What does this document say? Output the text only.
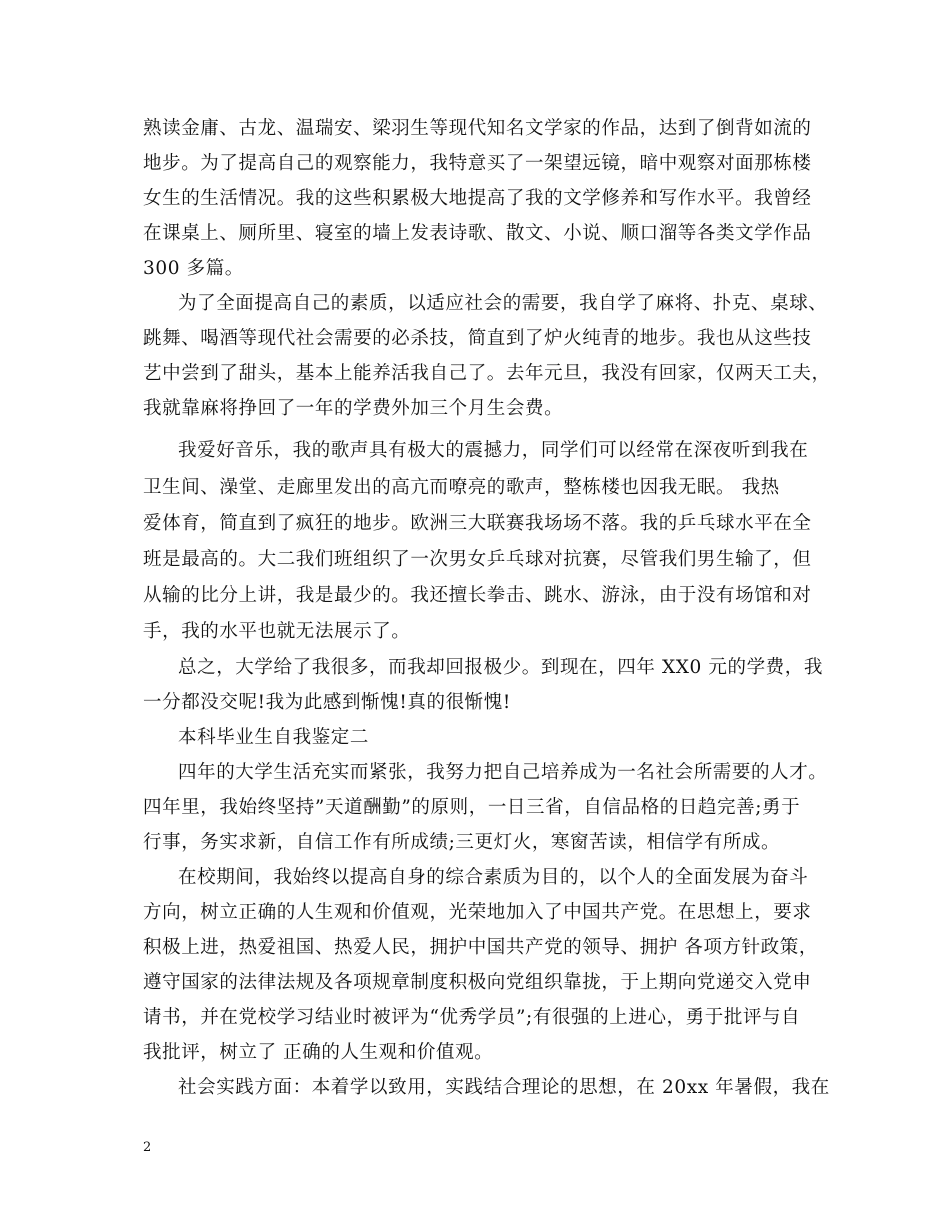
熟读金庸、古龙、温瑞安、梁羽生等现代知名文学家的作品，达到了倒背如流的
地步。为了提高自己的观察能力，我特意买了一架望远镜，暗中观察对面那栋楼
女生的生活情况。我的这些积累极大地提高了我的文学修养和写作水平。我曾经
在课桌上、厕所里、寝室的墙上发表诗歌、散文、小说、顺口溜等各类文学作品
300 多篇。
为了全面提高自己的素质，以适应社会的需要，我自学了麻将、扑克、桌球、
跳舞、喝酒等现代社会需要的必杀技，简直到了炉火纯青的地步。我也从这些技
艺中尝到了甜头，基本上能养活我自己了。去年元旦，我没有回家，仅两天工夫，
我就靠麻将挣回了一年的学费外加三个月生会费。
我爱好音乐，我的歌声具有极大的震撼力，同学们可以经常在深夜听到我在
卫生间、澡堂、走廊里发出的高亢而嘹亮的歌声，整栋楼也因我无眠。 我热
爱体育，简直到了疯狂的地步。欧洲三大联赛我场场不落。我的乒乓球水平在全
班是最高的。大二我们班组织了一次男女乒乓球对抗赛，尽管我们男生输了，但
从输的比分上讲，我是最少的。我还擅长拳击、跳水、游泳，由于没有场馆和对
手，我的水平也就无法展示了。
总之，大学给了我很多，而我却回报极少。到现在，四年 XX0 元的学费，我
一分都没交呢!我为此感到惭愧!真的很惭愧!
本科毕业生自我鉴定二
四年的大学生活充实而紧张，我努力把自己培养成为一名社会所需要的人才。
四年里，我始终坚持”天道酬勤”的原则，一日三省，自信品格的日趋完善;勇于
行事，务实求新，自信工作有所成绩;三更灯火，寒窗苦读，相信学有所成。
在校期间，我始终以提高自身的综合素质为目的，以个人的全面发展为奋斗
方向，树立正确的人生观和价值观，光荣地加入了中国共产党。在思想上，要求
积极上进，热爱祖国、热爱人民，拥护中国共产党的领导、拥护 各项方针政策，
遵守国家的法律法规及各项规章制度积极向党组织靠拢，于上期向党递交入党申
请书，并在党校学习结业时被评为“优秀学员”;有很强的上进心，勇于批评与自
我批评，树立了 正确的人生观和价值观。
社会实践方面：本着学以致用，实践结合理论的思想，在 20xx 年暑假，我在
2
